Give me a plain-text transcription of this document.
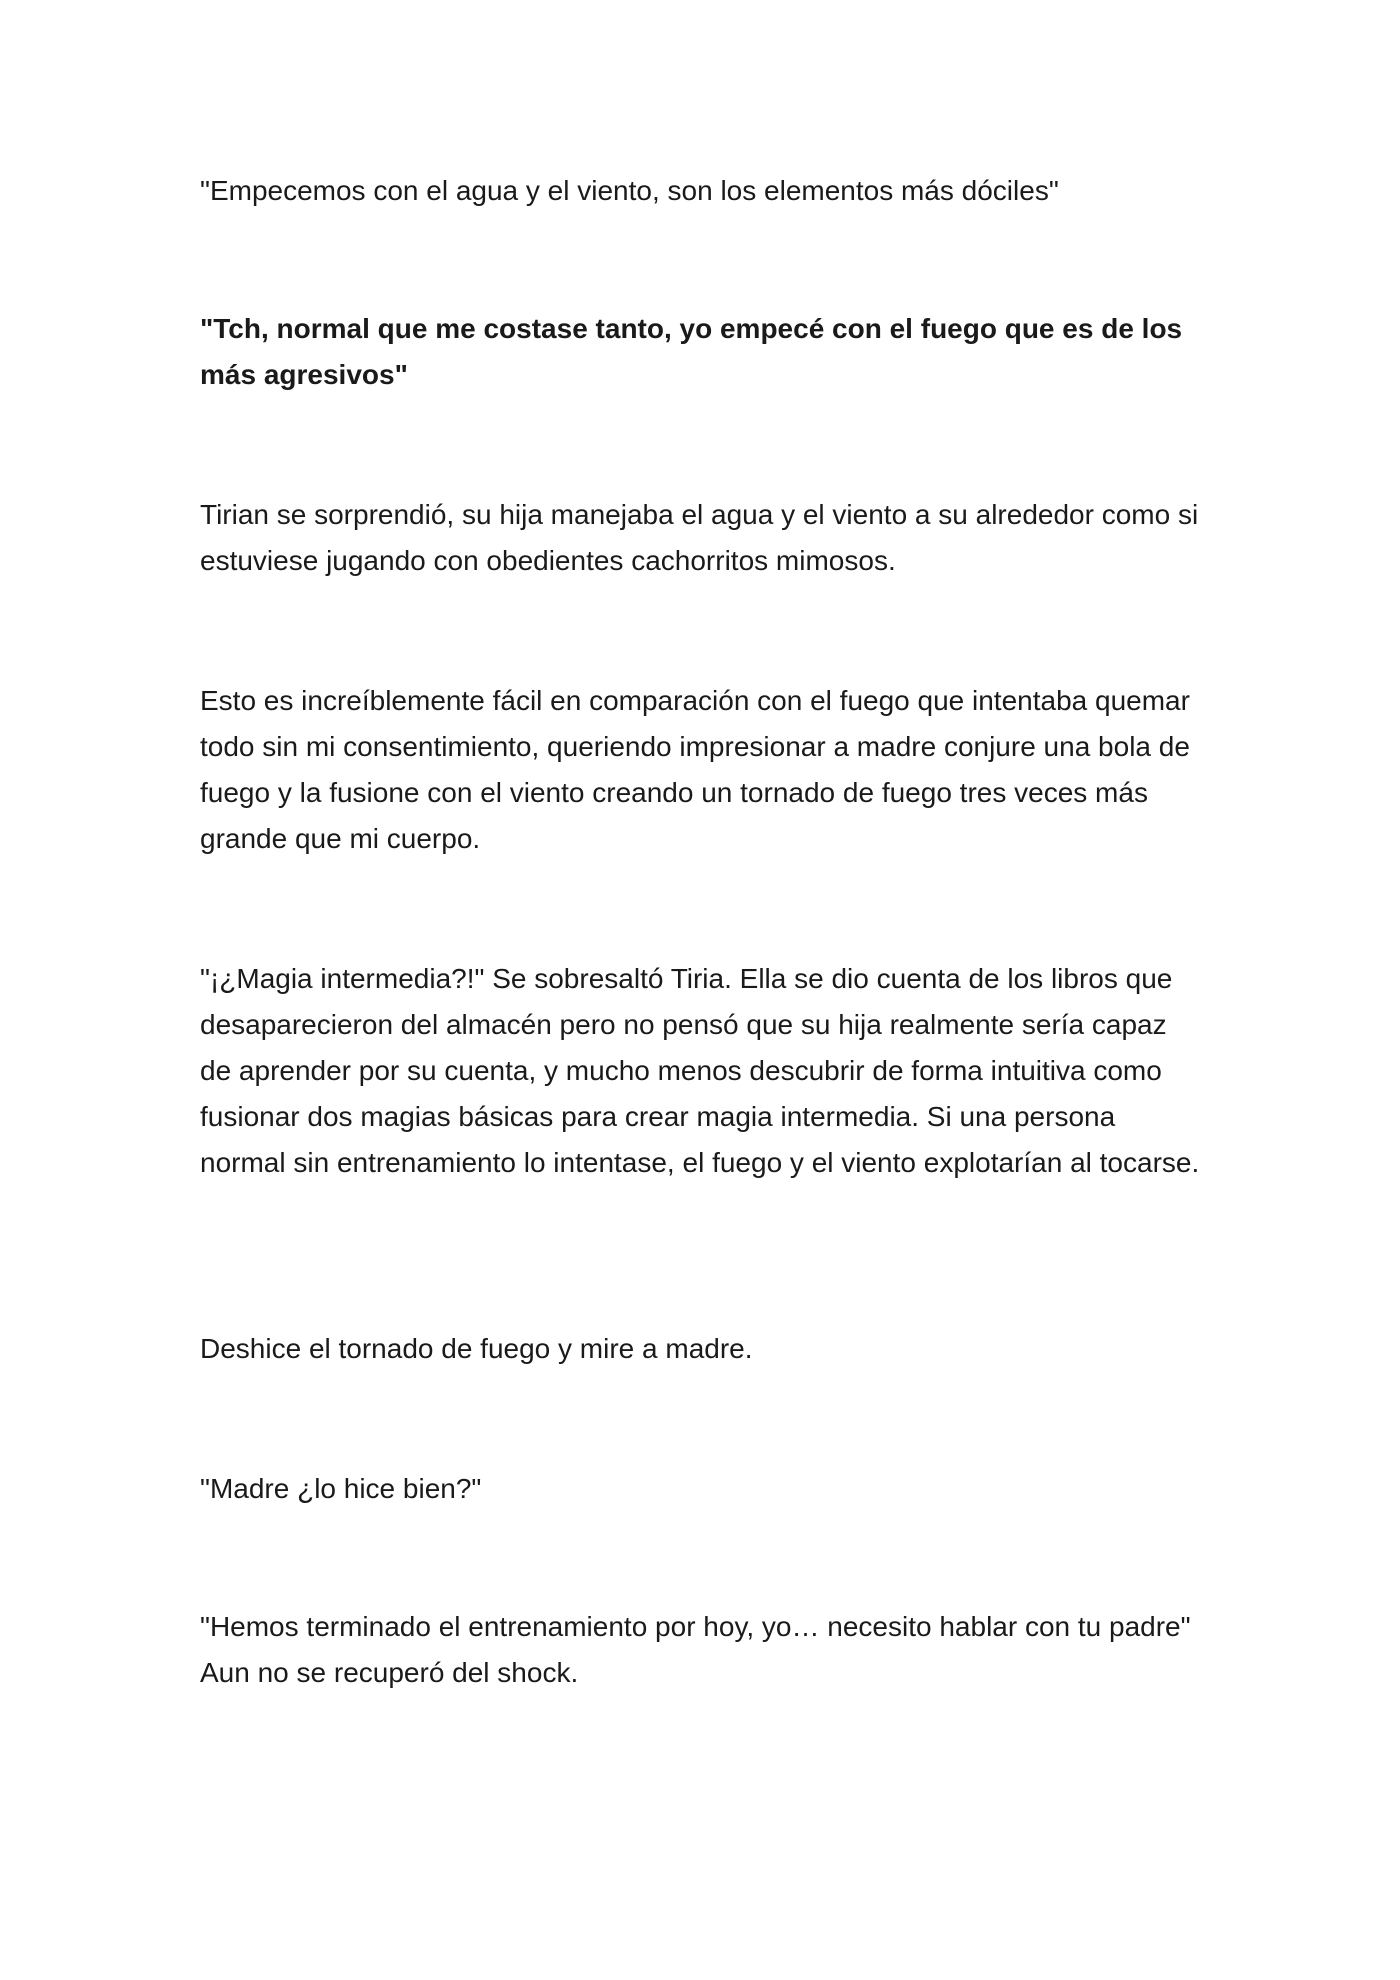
"Empecemos con el agua y el viento, son los elementos más dóciles"

"Tch, normal que me costase tanto, yo empecé con el fuego que es de los más agresivos"

Tirian se sorprendió, su hija manejaba el agua y el viento a su alrededor como si estuviese jugando con obedientes cachorritos mimosos.

Esto es increíblemente fácil en comparación con el fuego que intentaba quemar todo sin mi consentimiento, queriendo impresionar a madre conjure una bola de fuego y la fusione con el viento creando un tornado de fuego tres veces más grande que mi cuerpo.

"¡¿Magia intermedia?!" Se sobresaltó Tiria. Ella se dio cuenta de los libros que desaparecieron del almacén pero no pensó que su hija realmente sería capaz de aprender por su cuenta, y mucho menos descubrir de forma intuitiva como fusionar dos magias básicas para crear magia intermedia. Si una persona normal sin entrenamiento lo intentase, el fuego y el viento explotarían al tocarse.

Deshice el tornado de fuego y mire a madre.

"Madre ¿lo hice bien?"

"Hemos terminado el entrenamiento por hoy, yo… necesito hablar con tu padre" Aun no se recuperó del shock.
